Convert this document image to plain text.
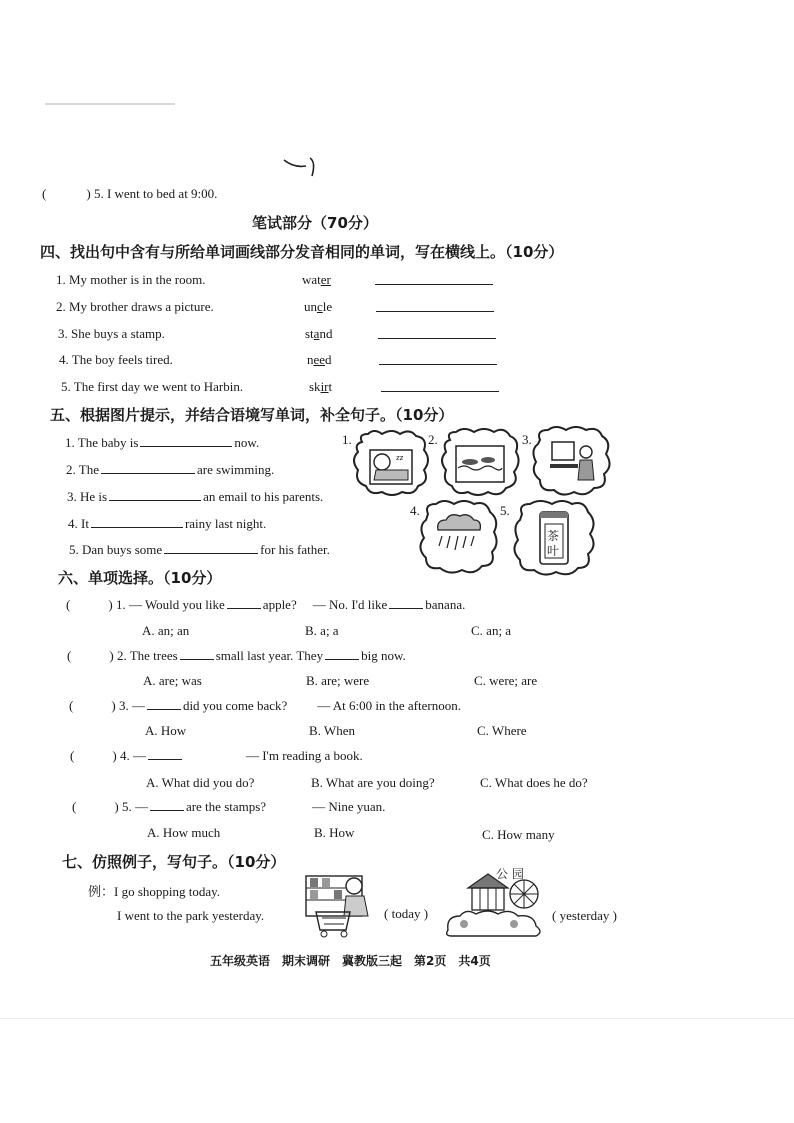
(	) 5. I went to bed at 9:00.
笔试部分（70分）
四、找出句中含有与所给单词画线部分发音相同的单词，写在横线上。（10分）
1. My mother is in the room.	water
2. My brother draws a picture.	uncle
3. She buys a stamp.	stand
4. The boy feels tired.	need
5. The first day we went to Harbin.	skirt
五、根据图片提示，并结合语境写单词，补全句子。（10分）
1. The baby is	now.
2. The	are swimming.
3. He is	an email to his parents.
4. It	rainy last night.
5. Dan buys some	for his father.
1.	2.	3.
4.	5.
zz
茶
叶
六、单项选择。（10分）
(	) 1. — Would you like	apple? — No. I'd like	banana.
A. an; an	B. a; a	C. an; a
(	) 2. The trees	small last year. They	big now.
A. are; was	B. are; were	C. were; are
(	) 3. —	did you come back? — At 6:00 in the afternoon.
A. How	B. When	C. Where
(	) 4. —	— I'm reading a book.
A. What did you do?	B. What are you doing?	C. What does he do?
(	) 5. —	are the stamps?	— Nine yuan.
A. How much	B. How	C. How many
七、仿照例子，写句子。（10分）
例：I go shopping today.
I went to the park yesterday.	( today )
公 园
( yesterday )
五年级英语　期末调研　冀教版三起　第2页　共4页
